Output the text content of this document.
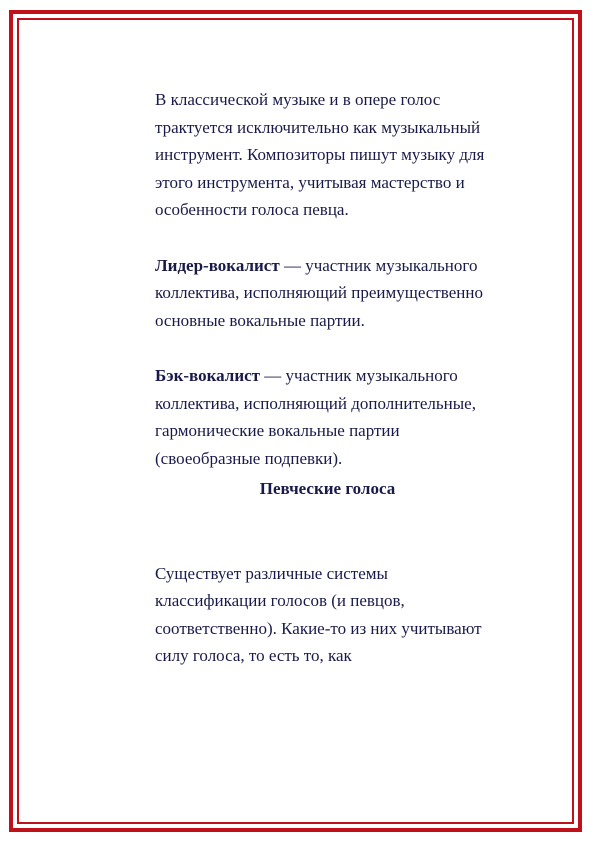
В классической музыке и в опере голос трактуется исключительно как музыкальный инструмент. Композиторы пишут музыку для этого инструмента, учитывая мастерство и особенности голоса певца.

Лидер-вокалист — участник музыкального коллектива, исполняющий преимущественно основные вокальные партии.

Бэк-вокалист — участник музыкального коллектива, исполняющий дополнительные, гармонические вокальные партии (своеобразные подпевки).

Певческие голоса

Существует различные системы классификации голосов (и певцов, соответственно). Какие-то из них учитывают силу голоса, то есть то, как
